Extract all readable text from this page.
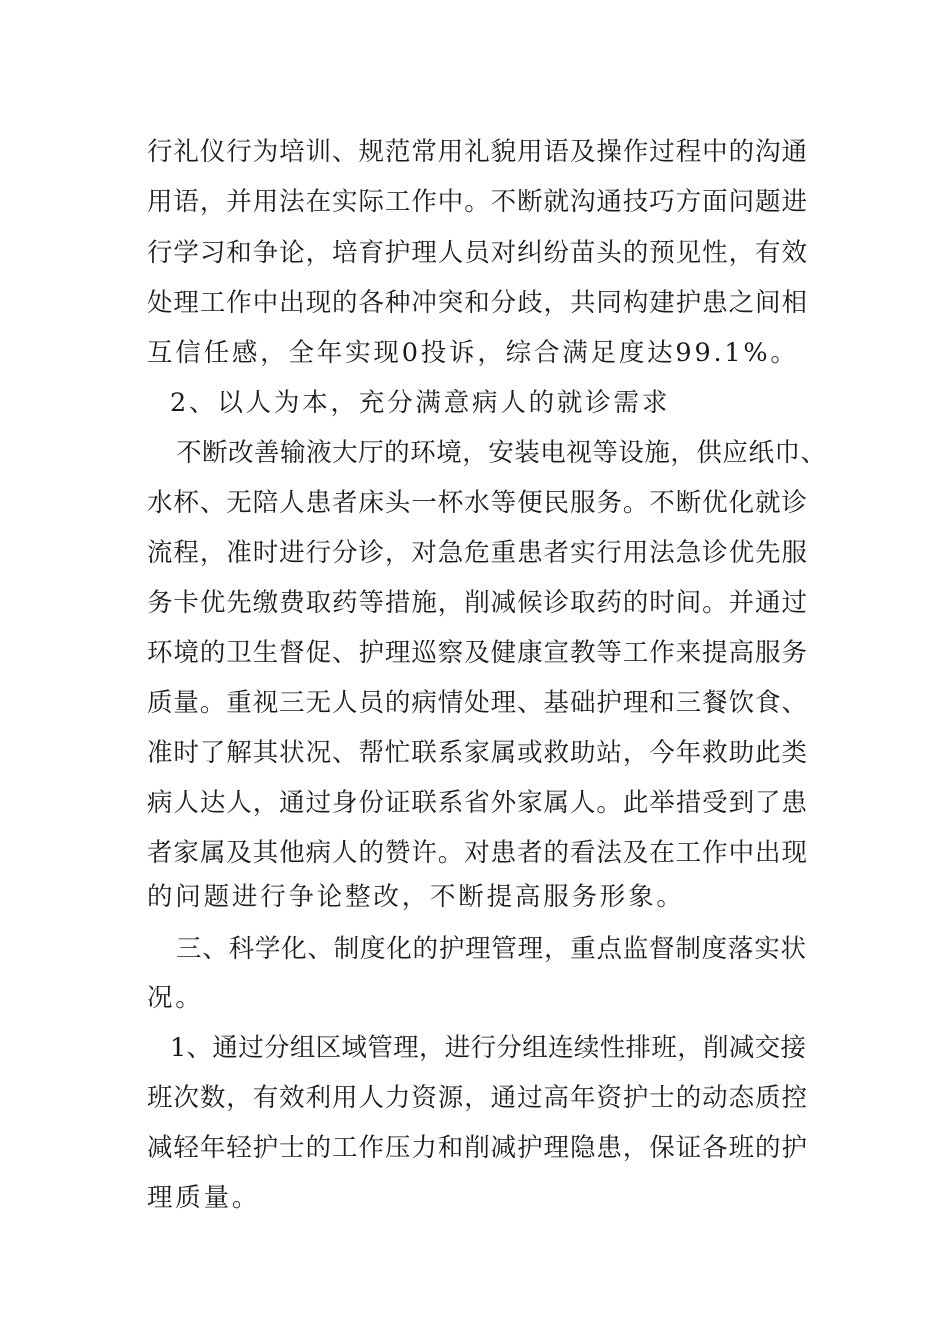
行礼仪行为培训、规范常用礼貌用语及操作过程中的沟通
用语，并用法在实际工作中。不断就沟通技巧方面问题进
行学习和争论，培育护理人员对纠纷苗头的预见性，有效
处理工作中出现的各种冲突和分歧，共同构建护患之间相
互信任感，全年实现0投诉，综合满足度达99.1%。
2、以人为本，充分满意病人的就诊需求
不断改善输液大厅的环境，安装电视等设施，供应纸巾、
水杯、无陪人患者床头一杯水等便民服务。不断优化就诊
流程，准时进行分诊，对急危重患者实行用法急诊优先服
务卡优先缴费取药等措施，削减候诊取药的时间。并通过
环境的卫生督促、护理巡察及健康宣教等工作来提高服务
质量。重视三无人员的病情处理、基础护理和三餐饮食、
准时了解其状况、帮忙联系家属或救助站，今年救助此类
病人达人，通过身份证联系省外家属人。此举措受到了患
者家属及其他病人的赞许。对患者的看法及在工作中出现
的问题进行争论整改，不断提高服务形象。
三、科学化、制度化的护理管理，重点监督制度落实状
况。
1、通过分组区域管理，进行分组连续性排班，削减交接
班次数，有效利用人力资源，通过高年资护士的动态质控
减轻年轻护士的工作压力和削减护理隐患，保证各班的护
理质量。
